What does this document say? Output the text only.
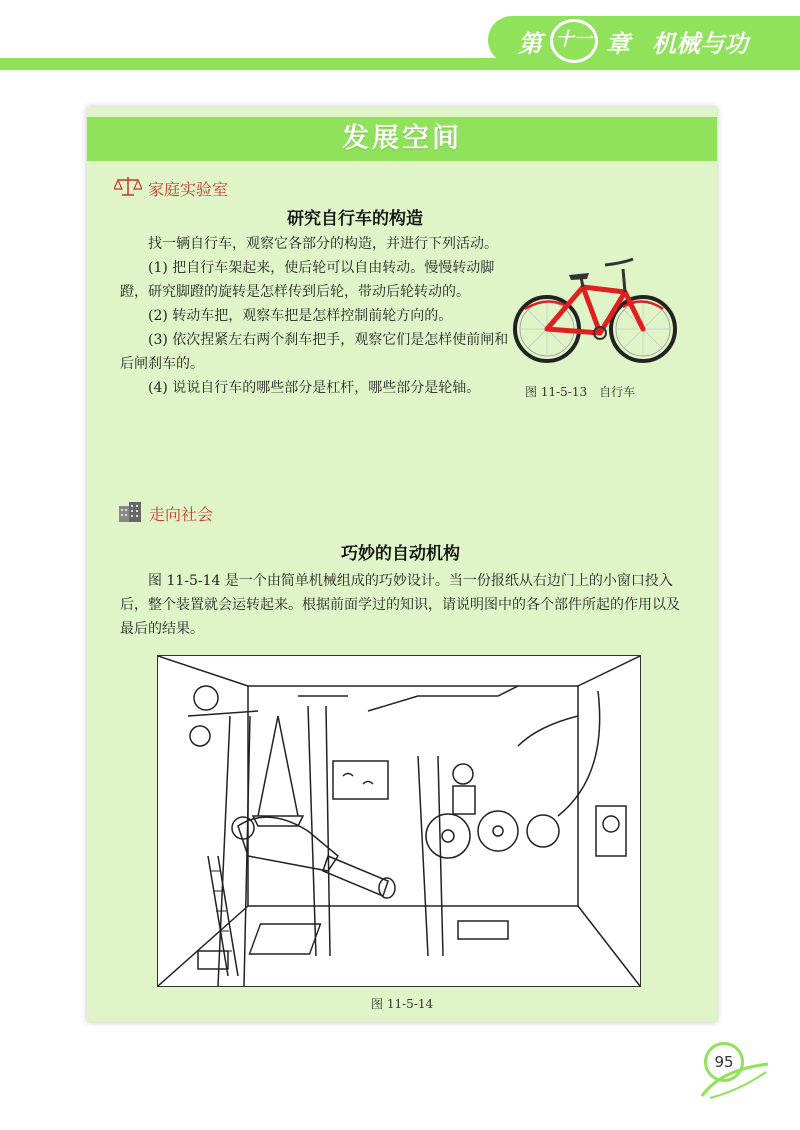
第 十一 章 机械与功
发展空间
家庭实验室
研究自行车的构造

找一辆自行车，观察它各部分的构造，并进行下列活动。

(1) 把自行车架起来，使后轮可以自由转动。慢慢转动脚蹬，研究脚蹬的旋转是怎样传到后轮，带动后轮转动的。

(2) 转动车把，观察车把是怎样控制前轮方向的。

(3) 依次捏紧左右两个刹车把手，观察它们是怎样使前闸和后闸刹车的。

(4) 说说自行车的哪些部分是杠杆，哪些部分是轮轴。	图 11-5-13　自行车
走向社会
巧妙的自动机构

图 11-5-14 是一个由简单机械组成的巧妙设计。当一份报纸从右边门上的小窗口投入后，整个装置就会运转起来。根据前面学过的知识，请说明图中的各个部件所起的作用以及最后的结果。

图 11-5-14
95
